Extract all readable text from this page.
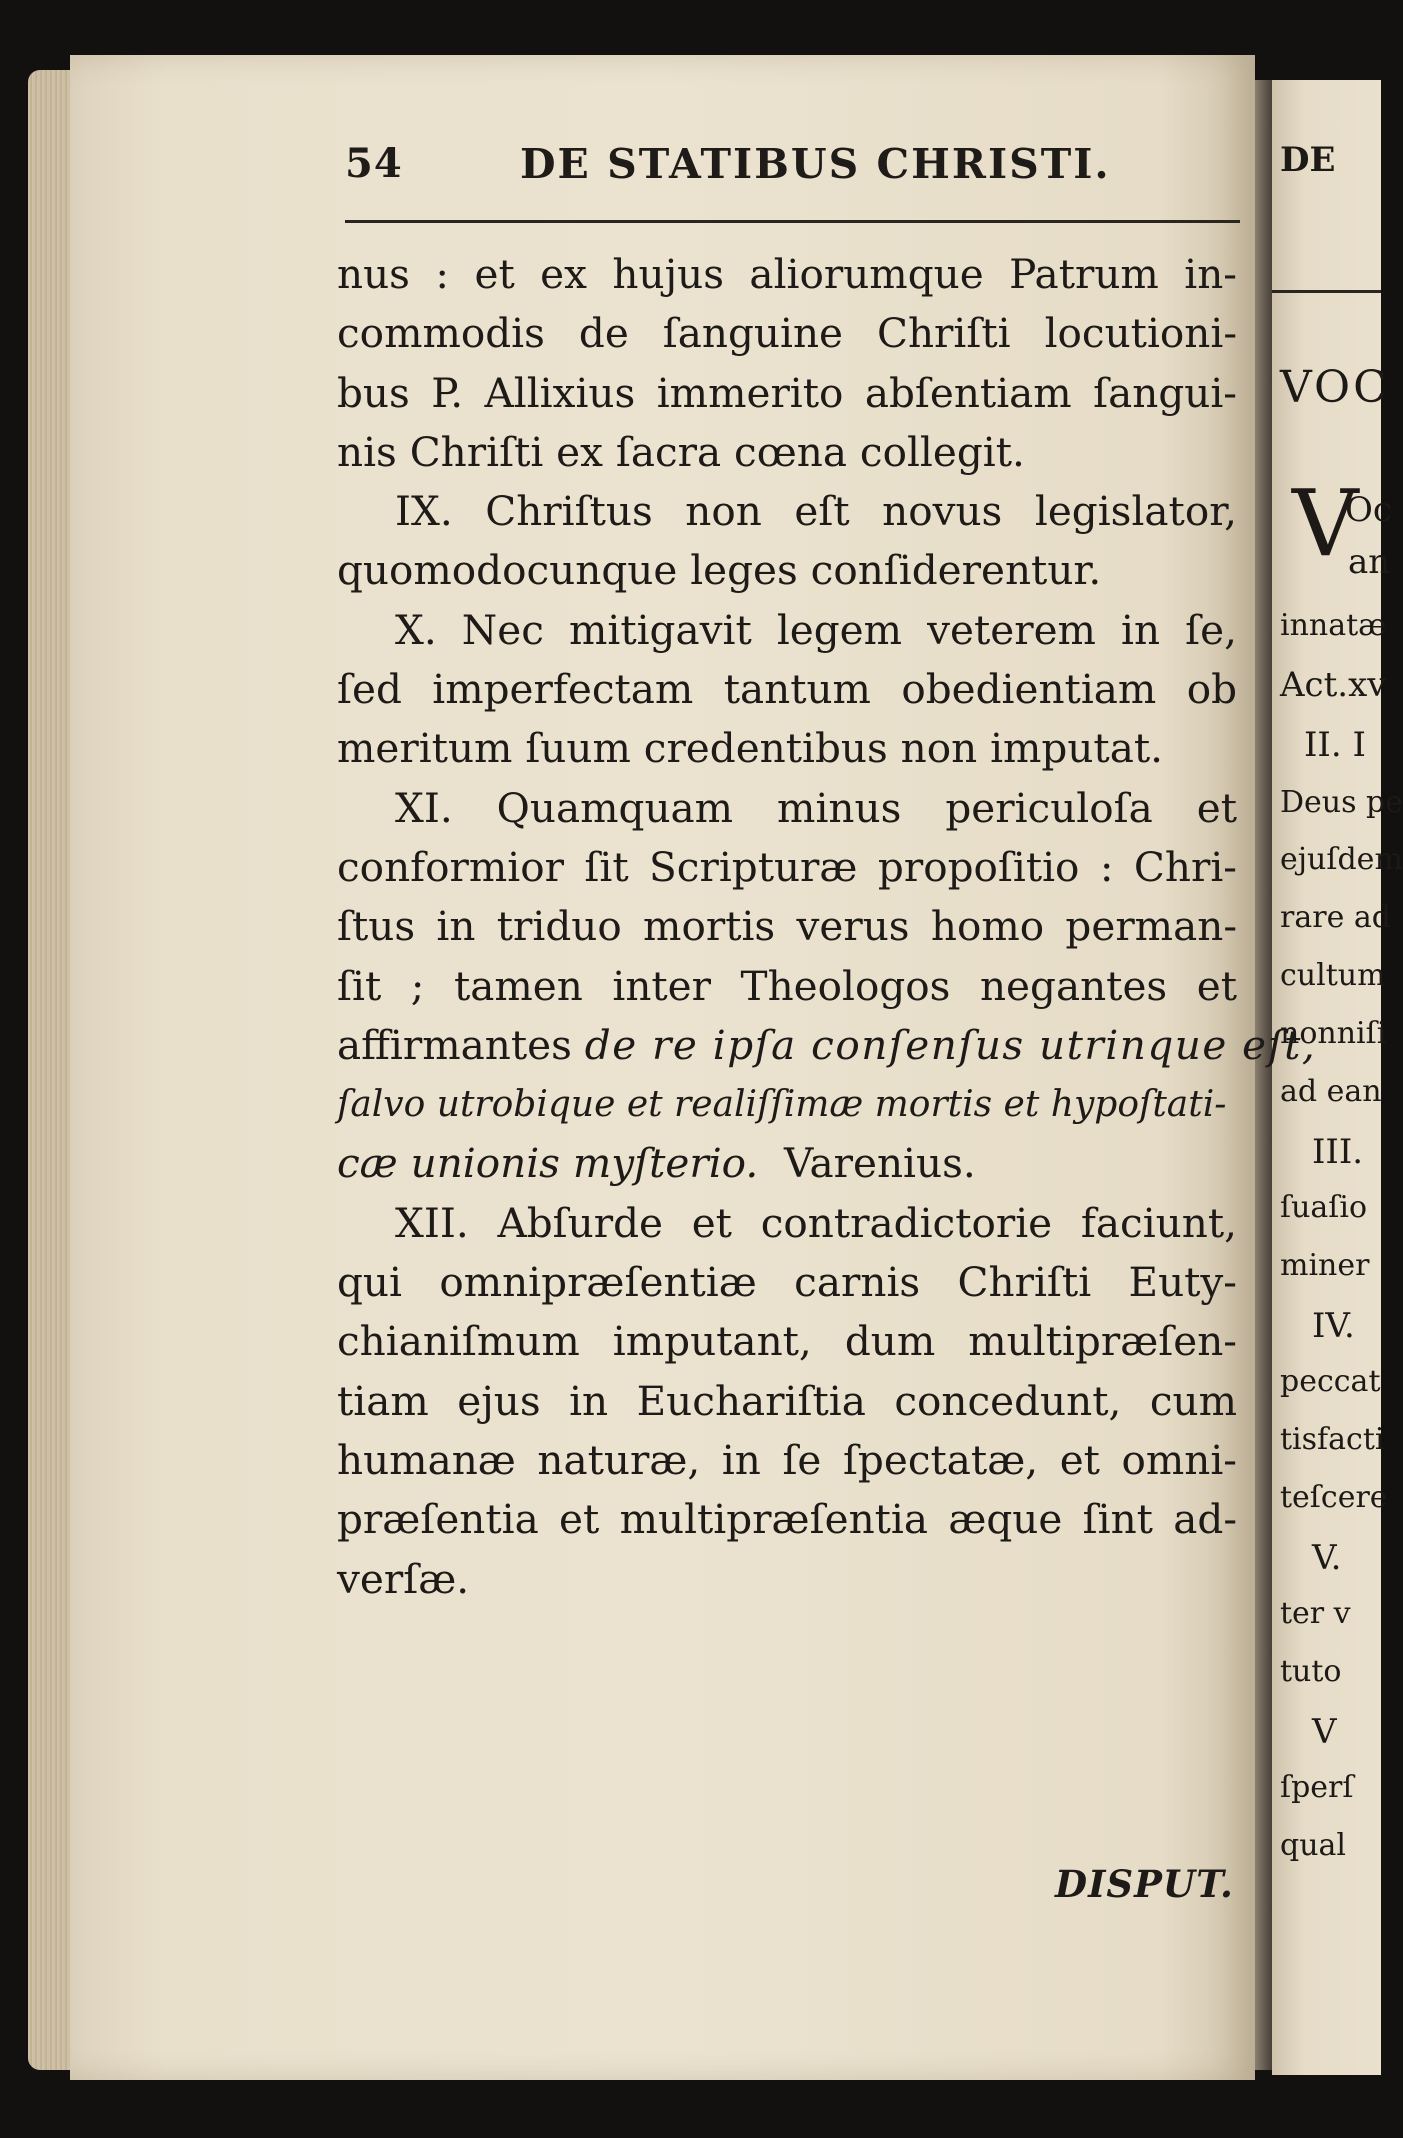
DE
VOC
V
Oc
an
innatæ
Act.xv
II. I
Deus pe
ejuſdem
rare ad
cultum
nonniſi
ad ean
III.
ſuaſio
miner
IV.
peccat
tisfacti
teſcere
V.
ter v
tuto
V
ſperſ
qual
54	DE STATIBUS CHRISTI.
nus : et ex hujus aliorumque Patrum in-
commodis de ſanguine Chriſti locutioni-
bus P. Allixius immerito abſentiam ſangui-
nis Chriſti ex ſacra cœna collegit.
IX. Chriſtus non eſt novus legislator,
quomodocunque leges conſiderentur.
X. Nec mitigavit legem veterem in ſe,
ſed imperfectam tantum obedientiam ob
meritum ſuum credentibus non imputat.
XI. Quamquam minus periculoſa et
conformior ſit Scripturæ propoſitio : Chri-
ſtus in triduo mortis verus homo perman-
ſit ; tamen inter Theologos negantes et
affirmantes de re ipſa conſenſus utrinque eſt,
ſalvo utrobique et realiſſimæ mortis et hypoſtati-
cæ unionis myſterio. Varenius.
XII. Abſurde et contradictorie faciunt,
qui omnipræſentiæ carnis Chriſti Euty-
chianiſmum imputant, dum multipræſen-
tiam ejus in Euchariſtia concedunt, cum
humanæ naturæ, in ſe ſpectatæ, et omni-
præſentia et multipræſentia æque ſint ad-
verſæ.
DISPUT.
